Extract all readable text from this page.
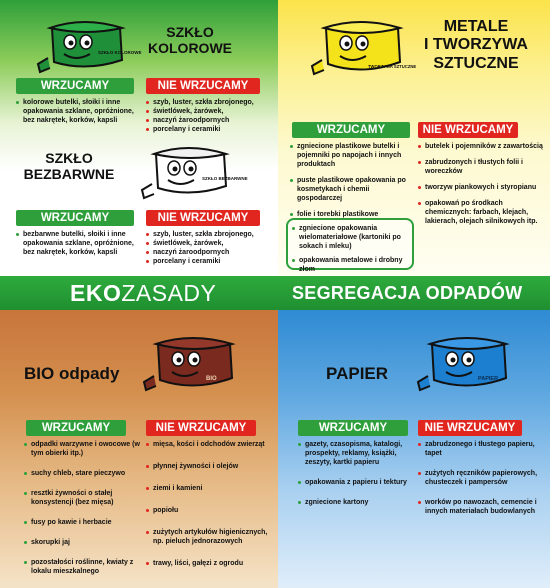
SZKŁO KOLOROWE
SZKŁO
KOLOROWE
WRZUCAMY	NIE WRZUCAMY
kolorowe butelki, słoiki i inne opakowania szklane, opróżnione, bez nakrętek, korków, kapsli
szyb, luster, szkła zbrojonego,
świetlówek, żarówek,
naczyń żaroodpornych
porcelany i ceramiki
SZKŁO
BEZBARWNE	SZKŁO BEZBARWNE
WRZUCAMY	NIE WRZUCAMY
bezbarwne butelki, słoiki i inne opakowania szklane, opróżnione, bez nakrętek, korków, kapsli
szyb, luster, szkła zbrojonego,
świetlówek, żarówek,
naczyń żaroodpornych
porcelany i ceramiki
TWORZYWA SZTUCZNE
METALE
I TWORZYWA
SZTUCZNE
WRZUCAMY	NIE WRZUCAMY
zgniecione plastikowe butelki i pojemniki po napojach i innych produktach
puste plastikowe opakowania po kosmetykach i chemii gospodarczej
folie i torebki plastikowe
zgniecione opakowania wielomateriałowe (kartoniki po sokach i mleku)
opakowania metalowe i drobny złom
butelek i pojemników z zawartością
zabrudzonych i tłustych folii i woreczków
tworzyw piankowych i styropianu
opakowań po środkach chemicznych: farbach, klejach, lakierach, olejach silnikowych itp.
EKOZASADY	SEGREGACJA ODPADÓW
BIO odpady	BIO
WRZUCAMY	NIE WRZUCAMY
odpadki warzywne i owocowe (w tym obierki itp.)
suchy chleb, stare pieczywo
resztki żywności o stałej konsystencji (bez mięsa)
fusy po kawie i herbacie
skorupki jaj
pozostałości roślinne, kwiaty z lokalu mieszkalnego
mięsa, kości i odchodów zwierząt
płynnej żywności i olejów
ziemi i kamieni
popiołu
zużytych artykułów higienicznych, np. pieluch jednorazowych
trawy, liści, gałęzi z ogrodu
PAPIER	PAPIER
WRZUCAMY	NIE WRZUCAMY
gazety, czasopisma, katalogi, prospekty, reklamy, książki, zeszyty, kartki papieru
opakowania z papieru i tektury
zgniecione kartony
zabrudzonego i tłustego papieru, tapet
zużytych ręczników papierowych, chusteczek i pampersów
worków po nawozach, cemencie i innych materiałach budowlanych
